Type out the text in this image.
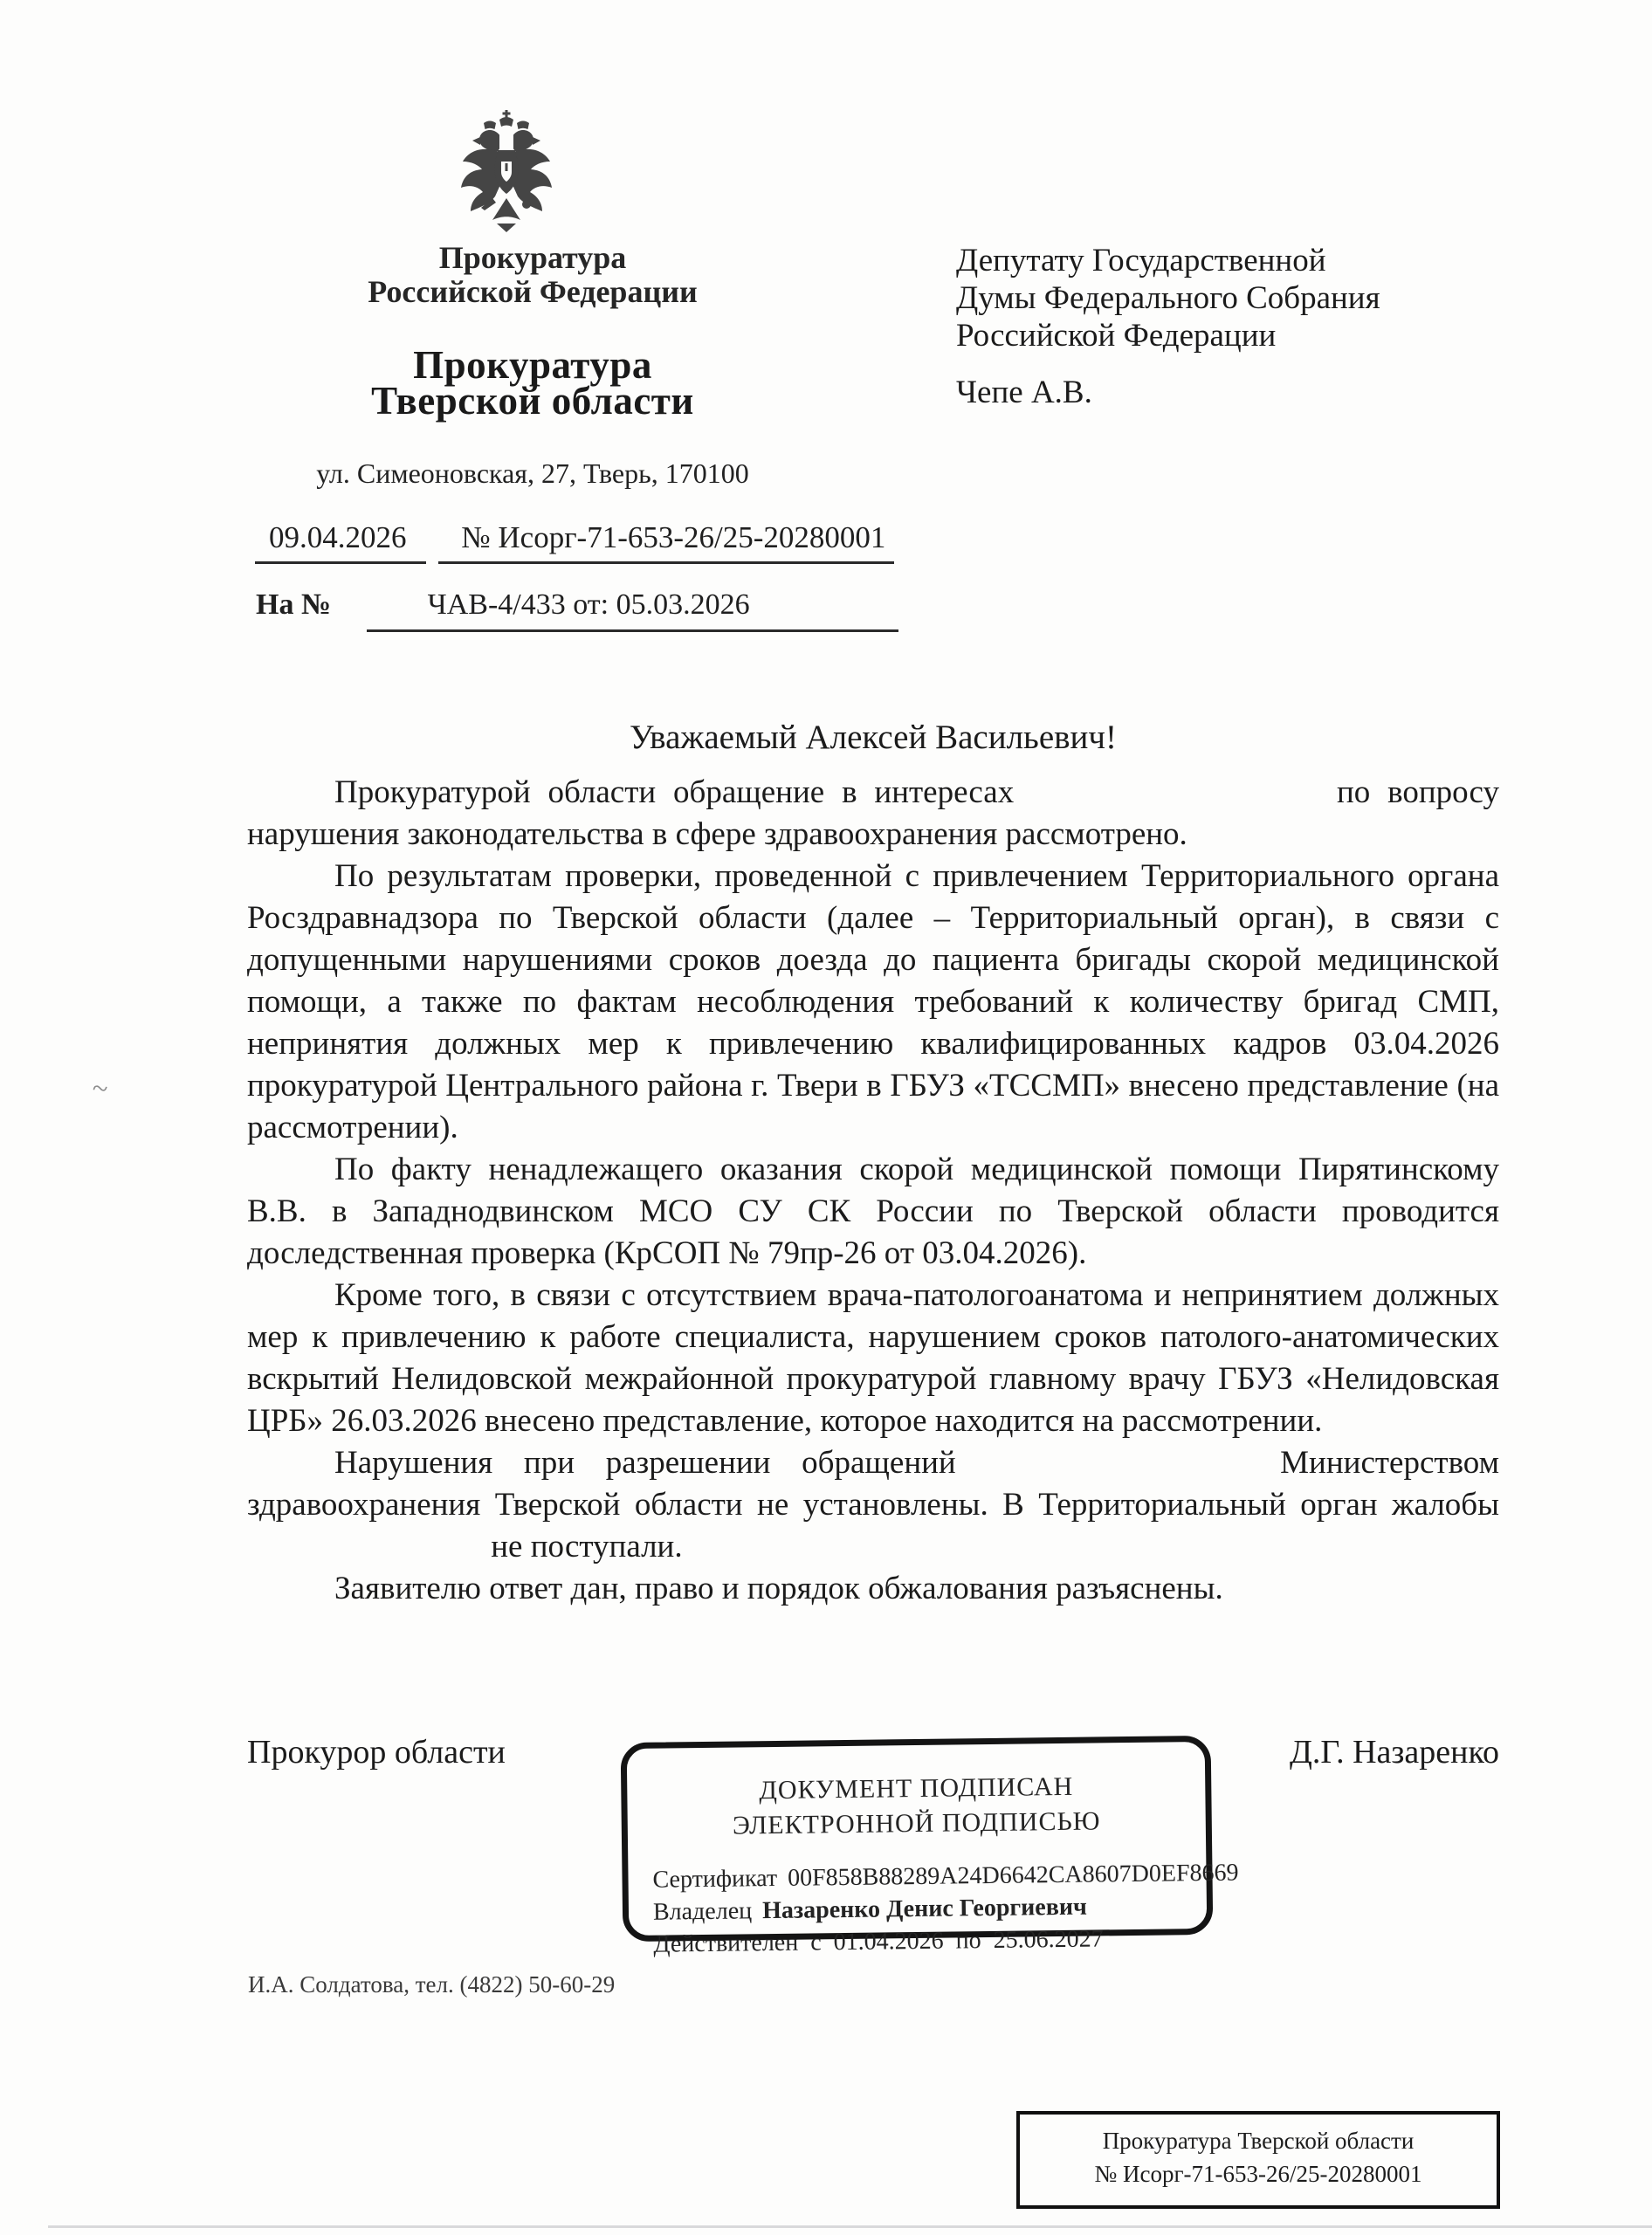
Прокуратура
Российской Федерации
Прокуратура
Тверской области
ул. Симеоновская, 27, Тверь, 170100
09.04.2026 № Исорг-71-653-26/25-20280001
На №	ЧАВ-4/433 от: 05.03.2026
Депутату Государственной
Думы Федерального Собрания
Российской Федерации
Чепе А.В.
Уважаемый Алексей Васильевич!

Прокуратурой области обращение в интересах	по вопросу нарушения законодательства в сфере здравоохранения рассмотрено.

По результатам проверки, проведенной с привлечением Территориального органа Росздравнадзора по Тверской области (далее – Территориальный орган), в связи с допущенными нарушениями сроков доезда до пациента бригады скорой медицинской помощи, а также по фактам несоблюдения требований к количеству бригад СМП, непринятия должных мер к привлечению квалифицированных кадров 03.04.2026 прокуратурой Центрального района г. Твери в ГБУЗ «ТССМП» внесено представление (на рассмотрении).

По факту ненадлежащего оказания скорой медицинской помощи Пирятинскому В.В. в Западнодвинском МСО СУ СК России по Тверской области проводится доследственная проверка (КрСОП № 79пр-26 от 03.04.2026).

Кроме того, в связи с отсутствием врача-патологоанатома и непринятием должных мер к привлечению к работе специалиста, нарушением сроков патолого-анатомических вскрытий Нелидовской межрайонной прокуратурой главному врачу ГБУЗ «Нелидовская ЦРБ» 26.03.2026 внесено представление, которое находится на рассмотрении.

Нарушения при разрешении обращений	Министерством здравоохранения Тверской области не установлены. В Территориальный орган жалобы  не поступали.

Заявителю ответ дан, право и порядок обжалования разъяснены.

Прокурор области	Д.Г. Назаренко
ДОКУМЕНТ ПОДПИСАН
ЭЛЕКТРОННОЙ ПОДПИСЬЮ
Сертификат 00F858B88289A24D6642CA8607D0EF8669
Владелец Назаренко Денис Георгиевич
Действителен с 01.04.2026 по 25.06.2027
И.А. Солдатова, тел. (4822) 50-60-29
Прокуратура Тверской области
№ Исорг-71-653-26/25-20280001
~
